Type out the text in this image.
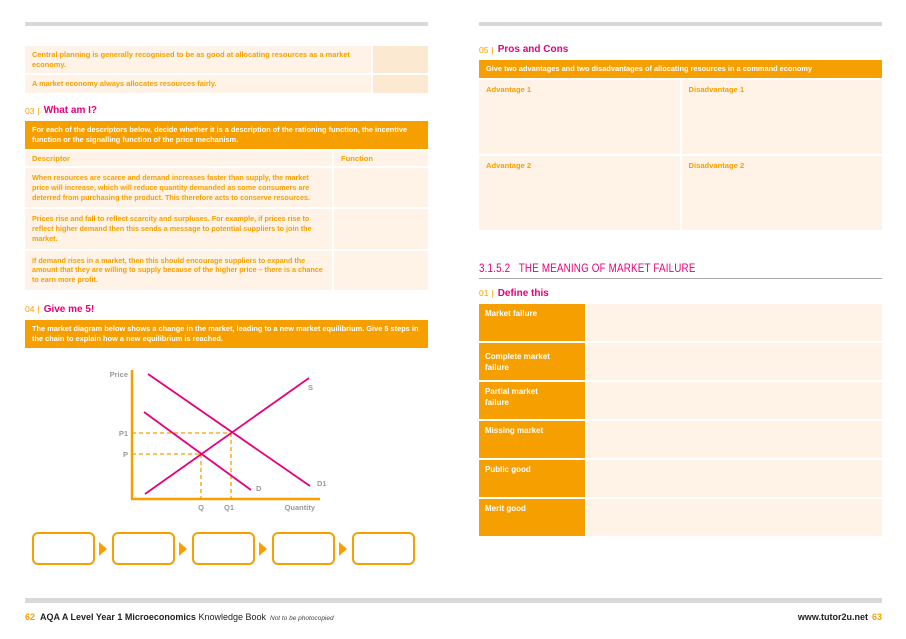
Central planning is generally recognised to be as good at allocating resources as a market economy.
A market economy always allocates resources fairly.
03 | What am I?
For each of the descriptors below, decide whether it is a description of the rationing function, the incentive function or the signalling function of the price mechanism.
Descriptor	Function
When resources are scarce and demand increases faster than supply, the market price will increase, which will reduce quantity demanded as some consumers are deterred from purchasing the product. This therefore acts to conserve resources.
Prices rise and fall to reflect scarcity and surpluses. For example, if prices rise to reflect higher demand then this sends a message to potential suppliers to join the market.
If demand rises in a market, then this should encourage suppliers to expand the amount that they are willing to supply because of the higher price – there is a chance to earn more profit.
04 | Give me 5!
The market diagram below shows a change in the market, leading to a new market equilibrium. Give 5 steps in the chain to explain how a new equilibrium is reached.
Price
Quantity
P1
P
Q	Q1
S
D
D1
05 | Pros and Cons
Give two advantages and two disadvantages of allocating resources in a command economy
Advantage 1	Disadvantage 1
Advantage 2	Disadvantage 2
3.1.5.2   THE MEANING OF MARKET FAILURE
01 | Define this
Market failure
Complete market failure
Partial market failure
Missing market
Public good
Merit good
62 AQA A Level Year 1 Microeconomics Knowledge Book Not to be photocopied	www.tutor2u.net 63
